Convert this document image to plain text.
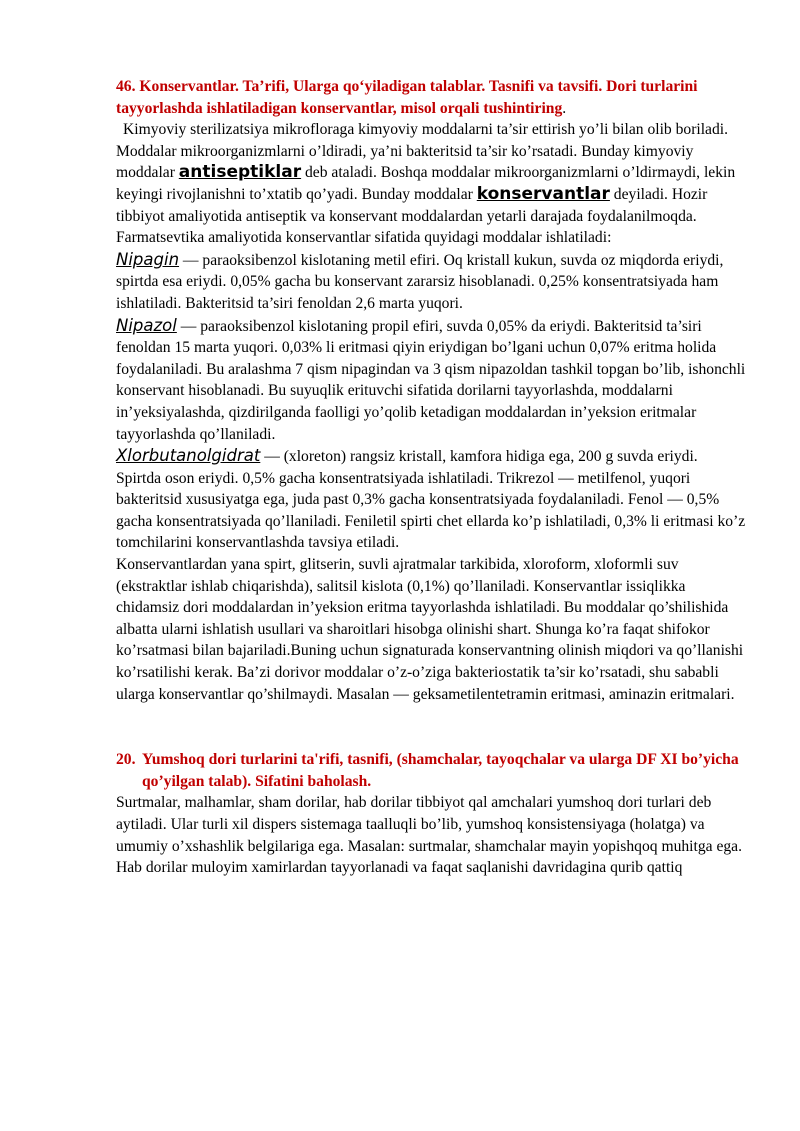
46. Konservantlar. Ta’rifi, Ularga qo‘yiladigan talablar. Tasnifi va tavsifi. Dori turlarini tayyorlashda ishlatiladigan konservantlar, misol orqali tushintiring.

Kimyoviy sterilizatsiya mikrofloraga kimyoviy moddalarni ta’sir ettirish yo’li bilan olib boriladi. Moddalar mikroorganizmlarni o’ldiradi, ya’ni bakteritsid ta’sir ko’rsatadi. Bunday kimyoviy moddalar antiseptiklar deb ataladi. Boshqa moddalar mikroorganizmlarni o’ldirmaydi, lekin keyingi rivojlanishni to’xtatib qo’yadi. Bunday moddalar konservantlar deyiladi. Hozir tibbiyot amaliyotida antiseptik va konservant moddalardan yetarli darajada foydalanilmoqda.

Farmatsevtika amaliyotida konservantlar sifatida quyidagi moddalar ishlatiladi:

Nipagin — paraoksibenzol kislotaning metil efiri. Oq kristall kukun, suvda oz miqdorda eriydi, spirtda esa eriydi. 0,05% gacha bu konservant zararsiz hisoblanadi. 0,25% konsentratsiyada ham ishlatiladi. Bakteritsid ta’siri fenoldan 2,6 marta yuqori.

Nipazol — paraoksibenzol kislotaning propil efiri, suvda 0,05% da eriydi. Bakteritsid ta’siri fenoldan 15 marta yuqori. 0,03% li eritmasi qiyin eriydigan bo’lgani uchun 0,07% eritma holida foydalaniladi. Bu aralashma 7 qism nipagindan va 3 qism nipazoldan tashkil topgan bo’lib, ishonchli konservant hisoblanadi. Bu suyuqlik erituvchi sifatida dorilarni tayyorlashda, moddalarni in’yeksiyalashda, qizdirilganda faolligi yo’qolib ketadigan moddalardan in’yeksion eritmalar tayyorlashda qo’llaniladi.

Xlorbutanolgidrat — (xloreton) rangsiz kristall, kamfora hidiga ega, 200 g suvda eriydi. Spirtda oson eriydi. 0,5% gacha konsentratsiyada ishlatiladi. Trikrezol — metilfenol, yuqori bakteritsid xususiyatga ega, juda past 0,3% gacha konsentratsiyada foydalaniladi. Fenol — 0,5% gacha konsentratsiyada qo’llaniladi. Feniletil spirti chet ellarda ko’p ishlatiladi, 0,3% li eritmasi ko’z tomchilarini konservantlashda tavsiya etiladi.

Konservantlardan yana spirt, glitserin, suvli ajratmalar tarkibida, xloroform, xloformli suv (ekstraktlar ishlab chiqarishda), salitsil kislota (0,1%) qo’llaniladi. Konservantlar issiqlikka chidamsiz dori moddalardan in’yeksion eritma tayyorlashda ishlatiladi. Bu moddalar qo’shilishida albatta ularni ishlatish usullari va sharoitlari hisobga olinishi shart. Shunga ko’ra faqat shifokor ko’rsatmasi bilan bajariladi.Buning uchun signaturada konservantning olinish miqdori va qo’llanishi ko’rsatilishi kerak. Ba’zi dorivor moddalar o’z-o’ziga bakteriostatik ta’sir ko’rsatadi, shu sababli ularga konservantlar qo’shilmaydi. Masalan — geksametilentetramin eritmasi, aminazin eritmalari.

20. Yumshoq dori turlarini ta'rifi, tasnifi, (shamchalar, tayoqchalar va ularga DF XI bo’yicha qo’yilgan talab). Sifatini baholash.

Surtmalar, malhamlar, sham dorilar, hab dorilar tibbiyot qal amchalari yumshoq dori turlari deb aytiladi. Ular turli xil dispers sistemaga taalluqli bo’lib, yumshoq konsistensiyaga (holatga) va umumiy o’xshashlik belgilariga ega. Masalan: surtmalar, shamchalar mayin yopishqoq muhitga ega. Hab dorilar muloyim xamirlardan tayyorlanadi va faqat saqlanishi davridagina qurib qattiq
